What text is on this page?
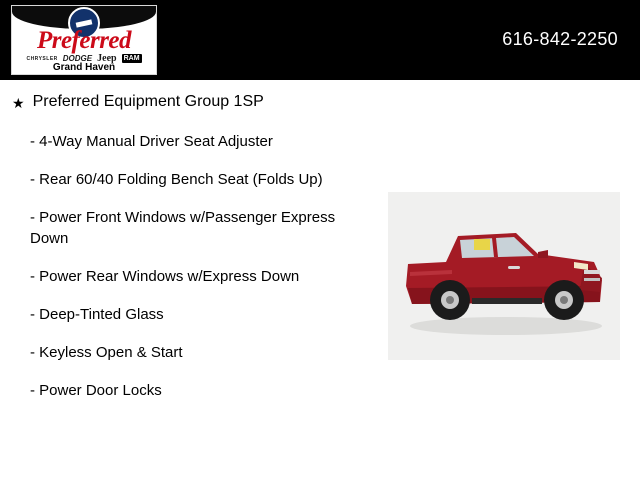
Preferred
CHRYSLER DODGE Jeep RAM
Grand Haven
616-842-2250
★ Preferred Equipment Group 1SP
- 4-Way Manual Driver Seat Adjuster
- Rear 60/40 Folding Bench Seat (Folds Up)
- Power Front Windows w/Passenger Express Down
- Power Rear Windows w/Express Down
- Deep-Tinted Glass
- Keyless Open & Start
- Power Door Locks
